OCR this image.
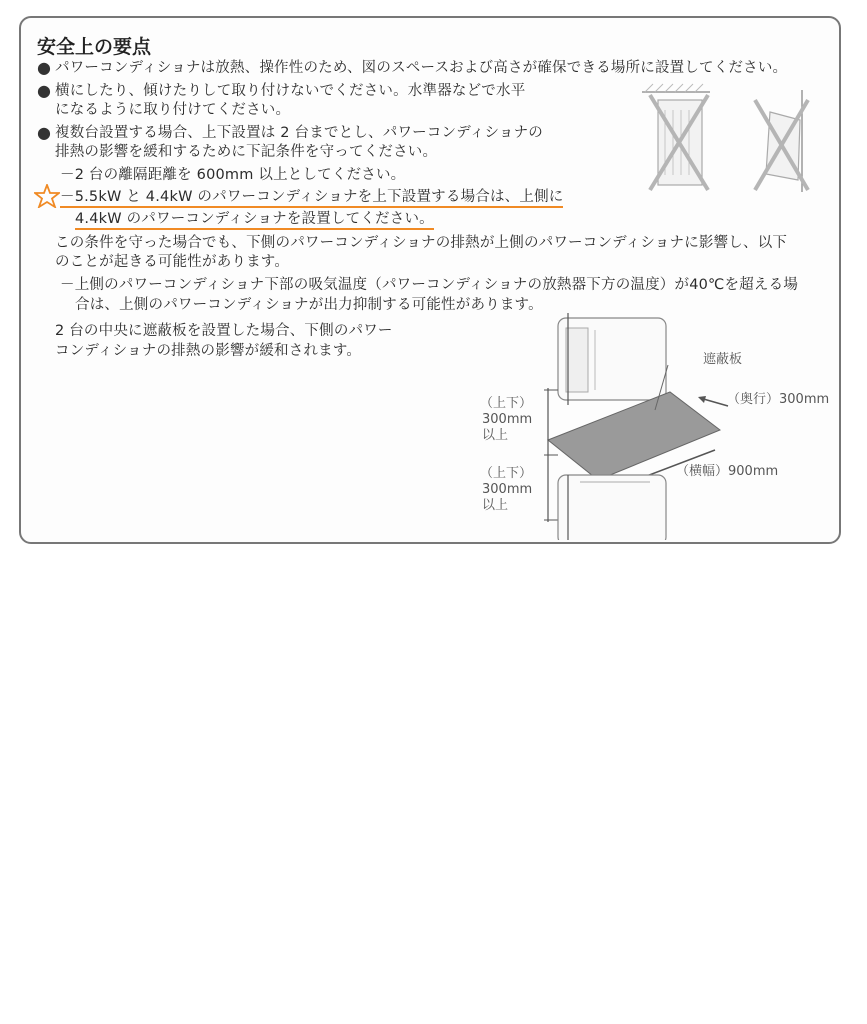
安全上の要点
● パワーコンディショナは放熱、操作性のため、図のスペースおよび高さが確保できる場所に設置してください。
● 横にしたり、傾けたりして取り付けないでください。水準器などで水平
になるように取り付けてください。
● 複数台設置する場合、上下設置は 2 台までとし、パワーコンディショナの
排熱の影響を緩和するために下記条件を守ってください。
－2 台の離隔距離を 600mm 以上としてください。
－5.5kW と 4.4kW のパワーコンディショナを上下設置する場合は、上側に
4.4kW のパワーコンディショナを設置してください。
この条件を守った場合でも、下側のパワーコンディショナの排熱が上側のパワーコンディショナに影響し、以下
のことが起きる可能性があります。
－上側のパワーコンディショナ下部の吸気温度（パワーコンディショナの放熱器下方の温度）が40℃を超える場
合は、上側のパワーコンディショナが出力抑制する可能性があります。
2 台の中央に遮蔽板を設置した場合、下側のパワー
コンディショナの排熱の影響が緩和されます。
遮蔽板
（奥行）300mm
（横幅）900mm
（上下）
300mm
以上
（上下）
300mm
以上
